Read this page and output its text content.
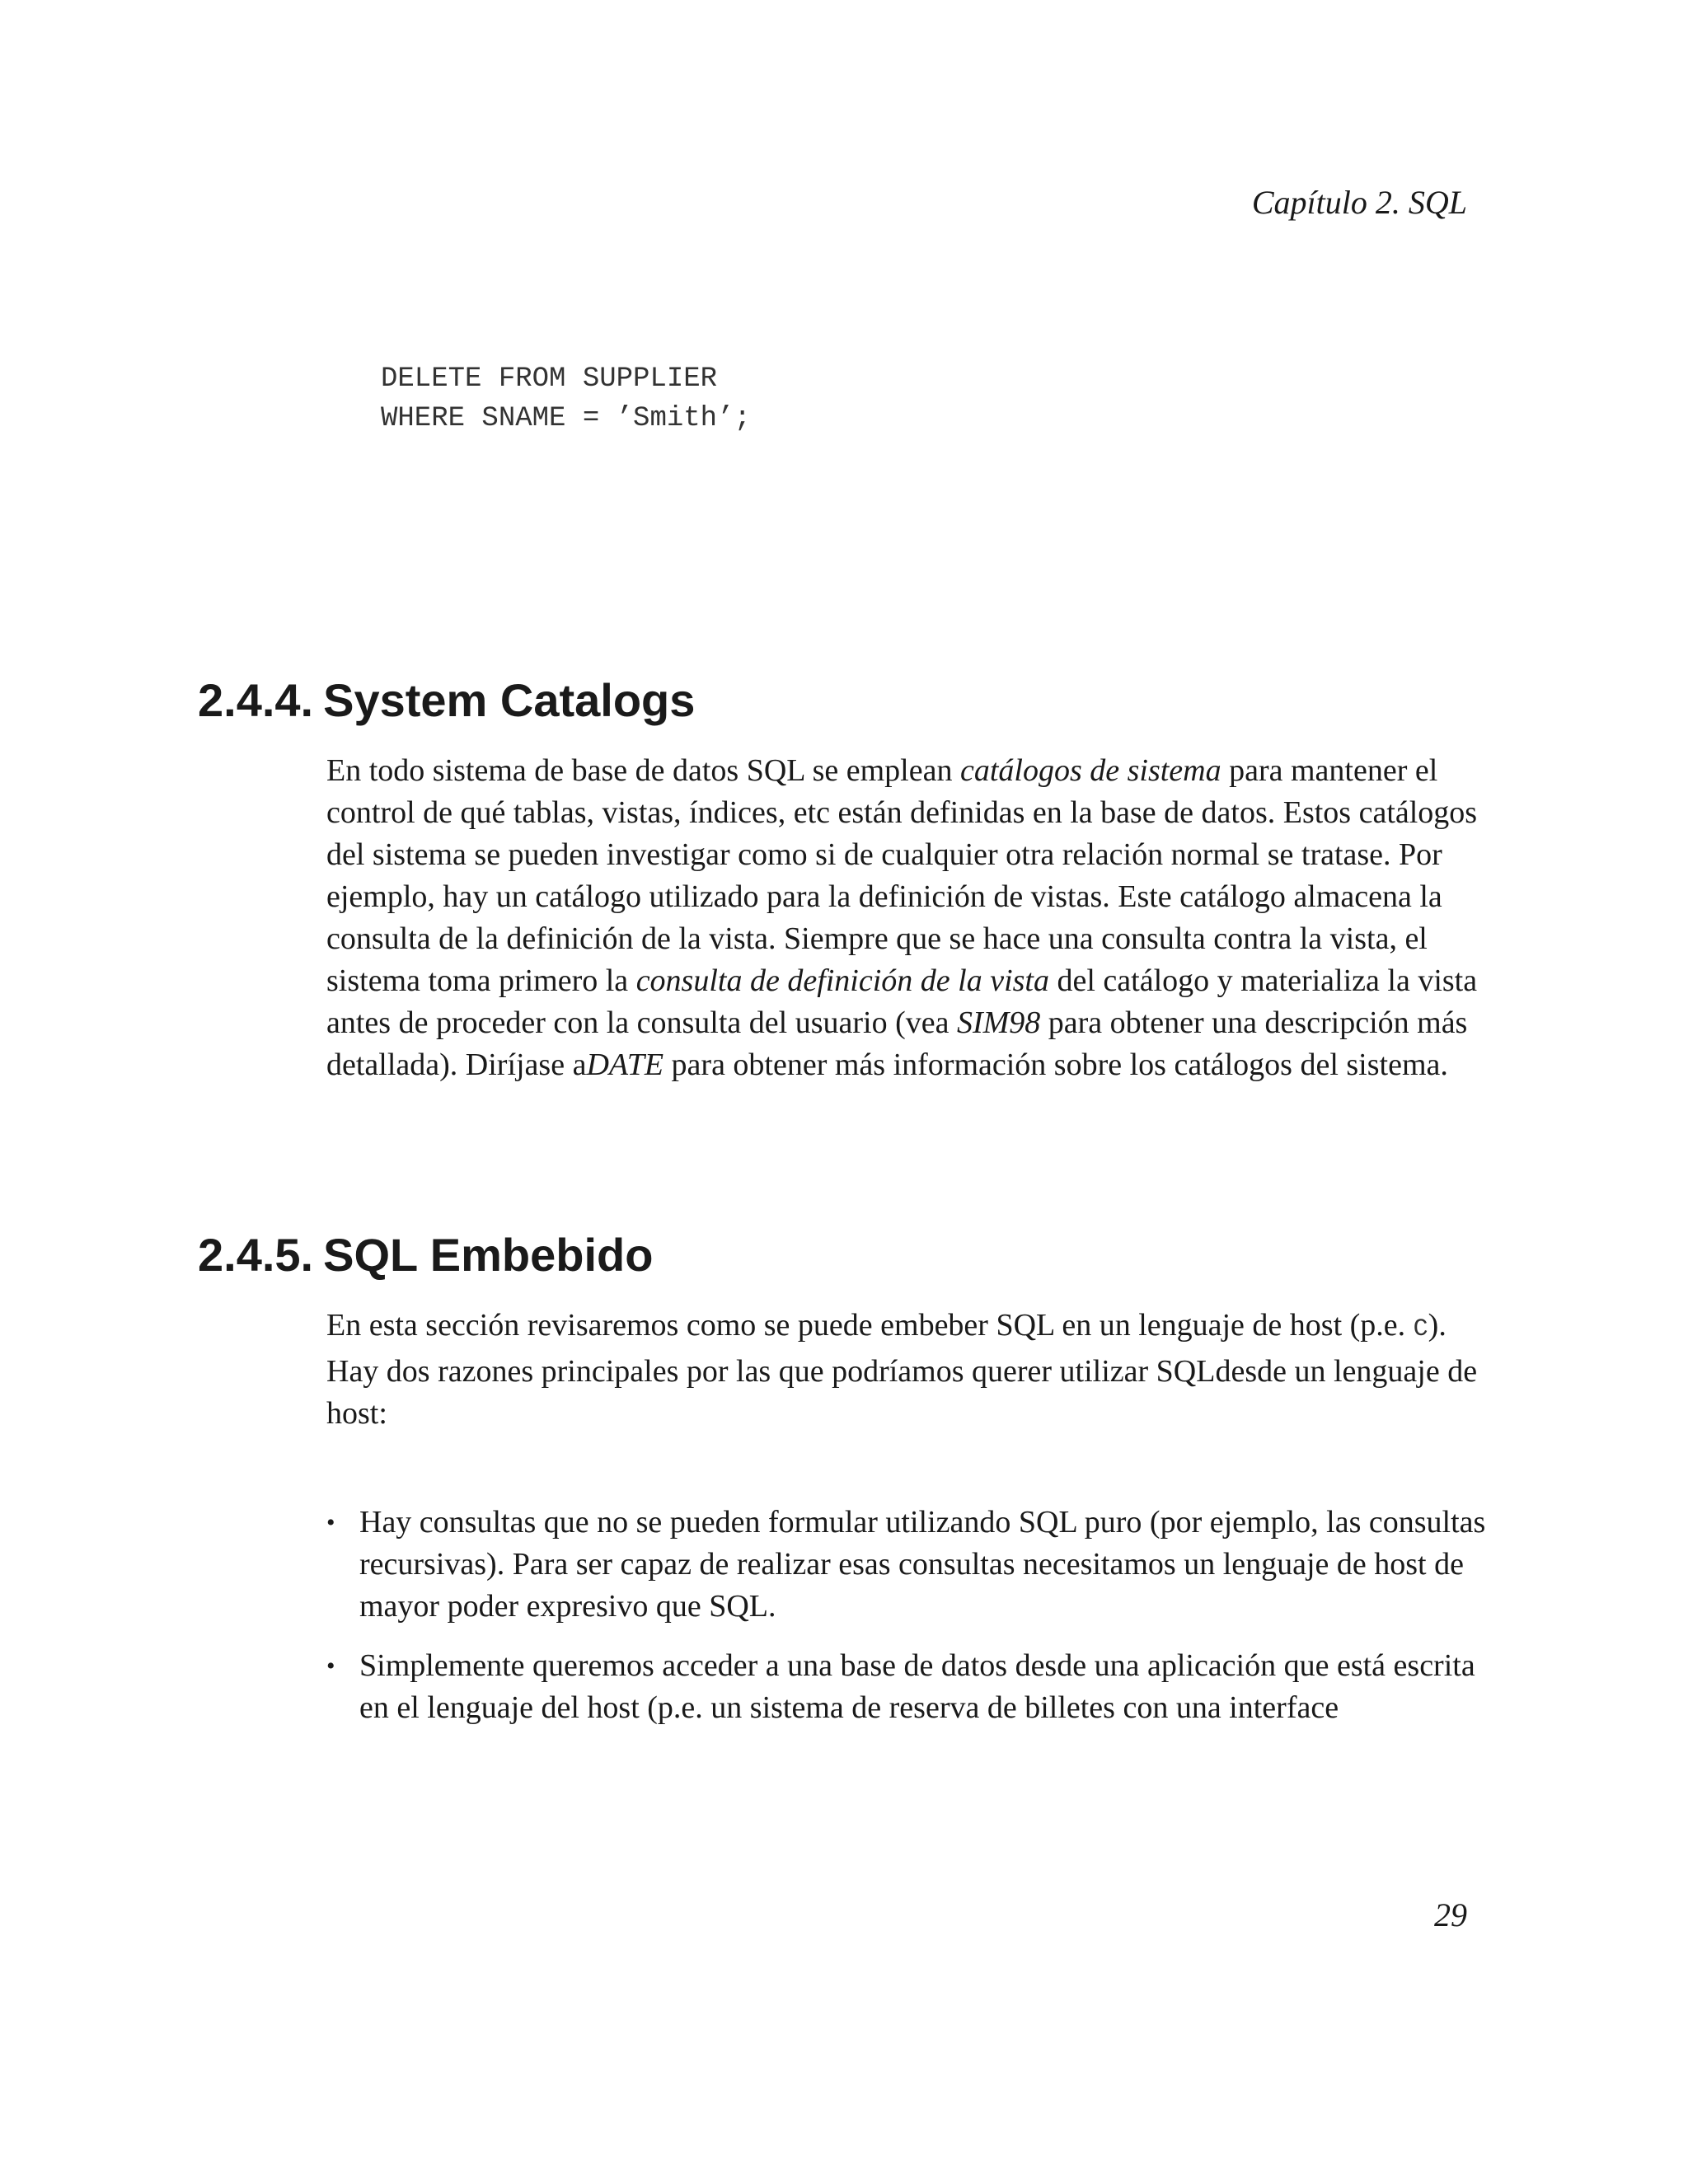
Capítulo 2. SQL
DELETE FROM SUPPLIER
WHERE SNAME = ’Smith’;
2.4.4. System Catalogs

En todo sistema de base de datos SQL se emplean catálogos de sistema para mantener el control de qué tablas, vistas, índices, etc están definidas en la base de datos. Estos catálogos del sistema se pueden investigar como si de cualquier otra relación normal se tratase. Por ejemplo, hay un catálogo utilizado para la definición de vistas. Este catálogo almacena la consulta de la definición de la vista. Siempre que se hace una consulta contra la vista, el sistema toma primero la consulta de definición de la vista del catálogo y materializa la vista antes de proceder con la consulta del usuario (vea SIM98 para obtener una descripción más detallada). Diríjase aDATE para obtener más información sobre los catálogos del sistema.

2.4.5. SQL Embebido

En esta sección revisaremos como se puede embeber SQL en un lenguaje de host (p.e. C). Hay dos razones principales por las que podríamos querer utilizar SQLdesde un lenguaje de host:

• Hay consultas que no se pueden formular utilizando SQL puro (por ejemplo, las consultas recursivas). Para ser capaz de realizar esas consultas necesitamos un lenguaje de host de mayor poder expresivo que SQL.
• Simplemente queremos acceder a una base de datos desde una aplicación que está escrita en el lenguaje del host (p.e. un sistema de reserva de billetes con una interface
29
